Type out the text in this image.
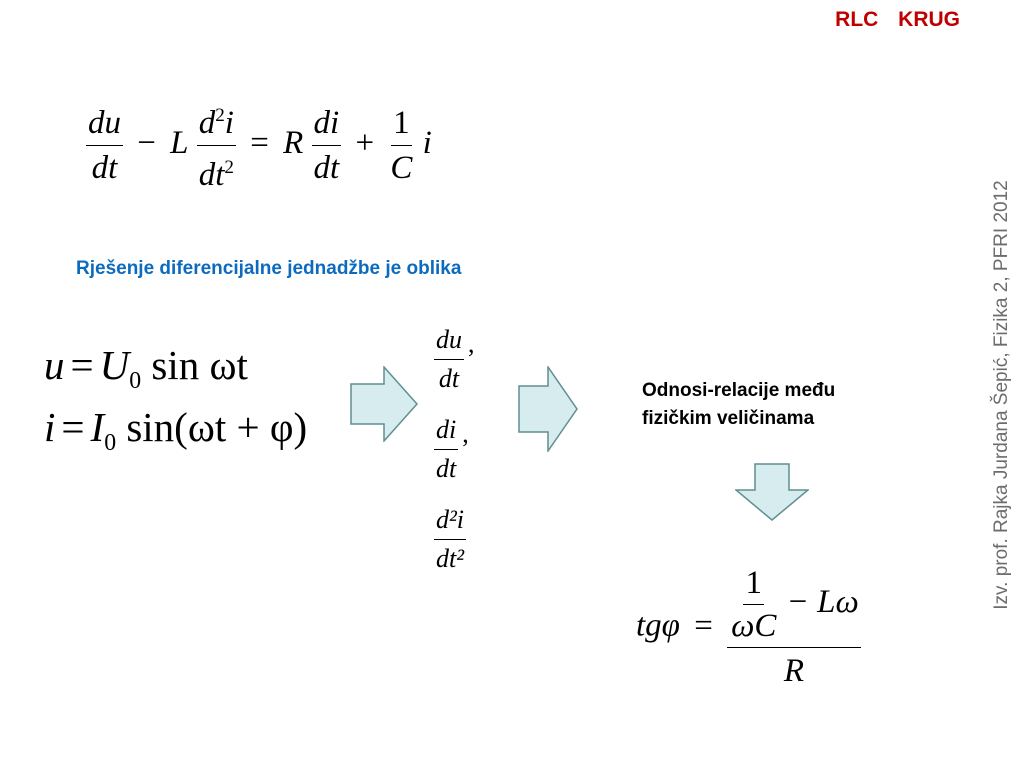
RLC KRUG
Izv. prof. Rajka Jurdana Šepić, Fizika 2, PFRI 2012
$\frac{du}{dt} - L \frac{d^2i}{dt^2} = R \frac{di}{dt} + \frac{1}{C}$ i
Rješenje diferencijalne jednadžbe je oblika
$u = U_0$ sin ωt
$i = I_0$ sin(ωt + φ)
$\frac{du}{dt}$ ,
$\frac{di}{dt}$ ,
$\frac{\text{d²i}}{\text{dt²}}$
Odnosi-relacije među
fizičkim veličinama
$tg\varphi = \frac{\frac{1}{\omega C} - L\omega}{R}$
